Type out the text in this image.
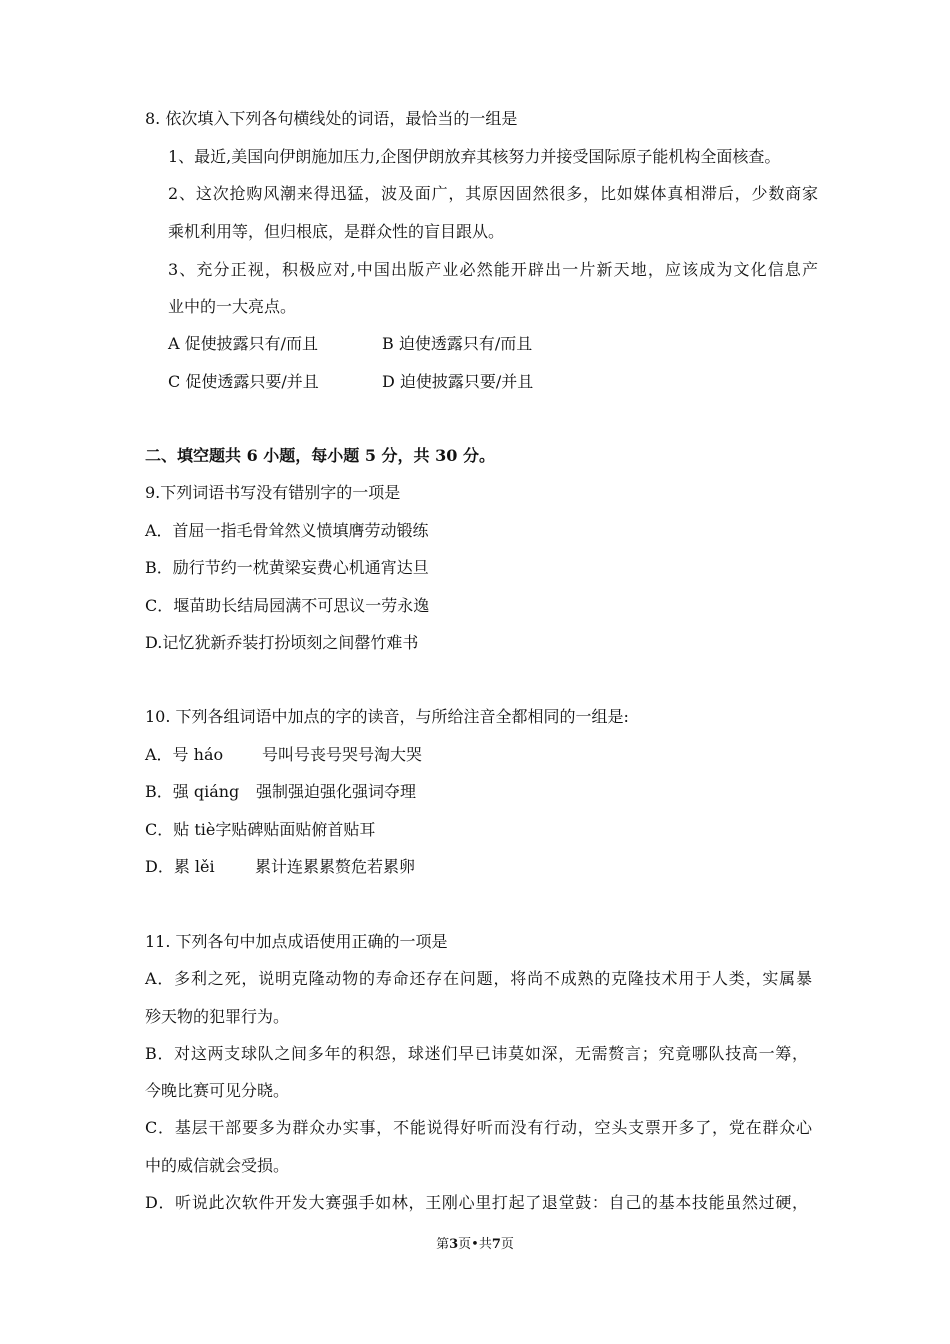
8. 依次填入下列各句横线处的词语，最恰当的一组是
1、最近,美国向伊朗施加压力,企图伊朗放弃其核努力并接受国际原子能机构全面核查。
2、这次抢购风潮来得迅猛，波及面广，其原因固然很多，比如媒体真相滞后，少数商家
乘机利用等，但归根底，是群众性的盲目跟从。
3、充分正视，积极应对,中国出版产业必然能开辟出一片新天地，应该成为文化信息产
业中的一大亮点。
A 促使披露只有/而且	B 迫使透露只有/而且
C 促使透露只要/并且	D 迫使披露只要/并且
二、填空题共 6 小题，每小题 5 分，共 30 分。
9.下列词语书写没有错别字的一项是
A．首屈一指毛骨耸然义愤填膺劳动锻练
B．励行节约一枕黄梁妄费心机通宵达旦
C．堰苗助长结局园满不可思议一劳永逸
D.记忆犹新乔装打扮顷刻之间罄竹难书
10. 下列各组词语中加点的字的读音，与所给注音全都相同的一组是:
A．号 háo 号叫号丧号哭号淘大哭
B．强 qiáng 强制强迫强化强词夺理
C．贴 tiè字贴碑贴面贴俯首贴耳
D．累 lěi	累计连累累赘危若累卵
11. 下列各句中加点成语使用正确的一项是
A．多利之死，说明克隆动物的寿命还存在问题，将尚不成熟的克隆技术用于人类，实属暴
殄天物的犯罪行为。
B．对这两支球队之间多年的积怨，球迷们早已讳莫如深，无需赘言；究竟哪队技高一筹，
今晚比赛可见分晓。
C．基层干部要多为群众办实事，不能说得好听而没有行动，空头支票开多了，党在群众心
中的威信就会受损。
D．听说此次软件开发大赛强手如林，王刚心里打起了退堂鼓：自己的基本技能虽然过硬，
第3页•共7页
